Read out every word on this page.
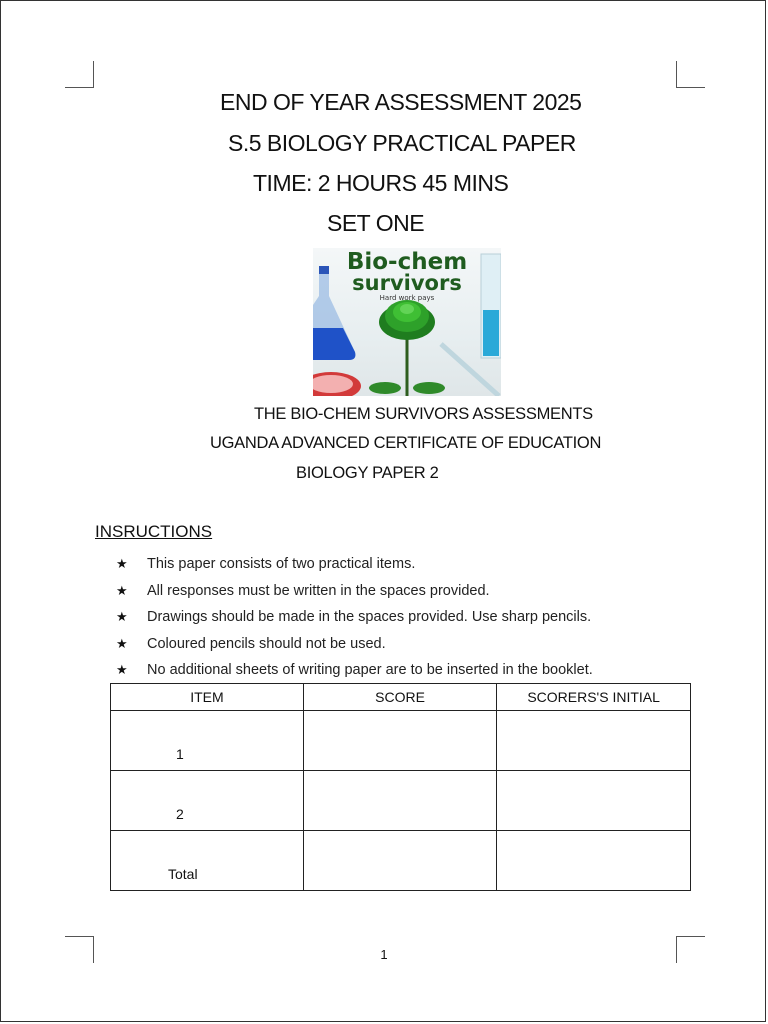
END OF YEAR ASSESSMENT 2025
S.5 BIOLOGY PRACTICAL PAPER
TIME: 2 HOURS 45 MINS
SET ONE
Bio-chem
survivors
Hard work pays
THE BIO-CHEM SURVIVORS ASSESSMENTS
UGANDA ADVANCED CERTIFICATE OF EDUCATION
BIOLOGY PAPER 2
INSRUCTIONS
★	This paper consists of two practical items.
★	All responses must be written in the spaces provided.
★	Drawings should be made in the spaces provided. Use sharp pencils.
★	Coloured pencils should not be used.
★	No additional sheets of writing paper are to be inserted in the booklet.
ITEM	SCORE	SCORERS'S INITIAL
1		
2		
Total		
1
